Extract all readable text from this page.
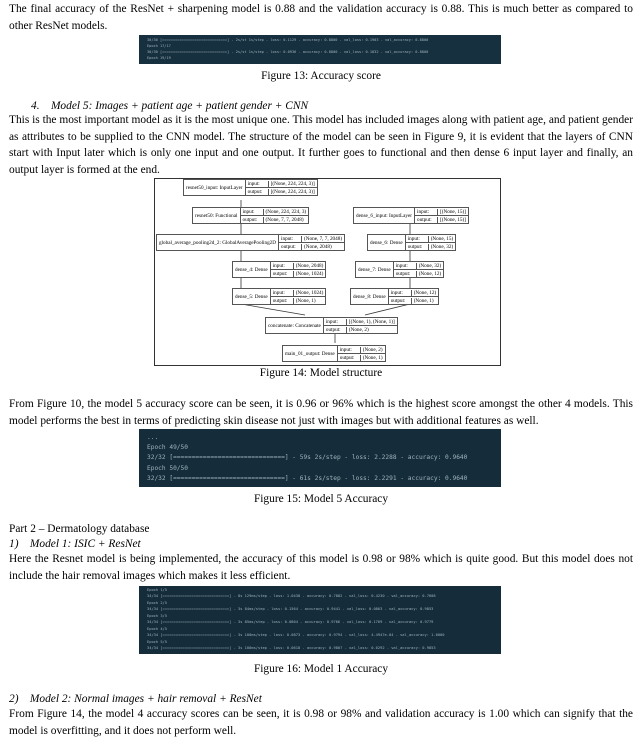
The final accuracy of the ResNet + sharpening model is 0.88 and the validation accuracy is 0.88. This is much better as compared to other ResNet models.

30/30 [==============================] - 2s/st 1s/step - loss: 0.1129 - accuracy: 0.8800 - val_loss: 0.1903 - val_accuracy: 0.8800
Epoch 17/17
30/30 [==============================] - 2s/st 1s/step - loss: 0.0936 - accuracy: 0.8800 - val_loss: 0.1832 - val_accuracy: 0.8800
Epoch 19/19

Figure 13: Accuracy score

4. Model 5: Images + patient age + patient gender + CNN

This is the most important model as it is the most unique one. This model has included images along with patient age, and patient gender as attributes to be supplied to the CNN model. The structure of the model can be seen in Figure 9, it is evident that the layers of CNN start with Input later which is only one input and one output. It further goes to functional and then dense 6 input layer and finally, an output layer is formed at the end.

resnet50_input: InputLayer
input:	[(None, 224, 224, 3)]
output:	[(None, 224, 224, 3)]
resnet50: Functional
input:	(None, 224, 224, 3)
output:	(None, 7, 7, 2048)
dense_6_input: InputLayer
input:	[(None, 15)]
output:	[(None, 15)]
global_average_pooling2d_2: GlobalAveragePooling2D
input:	(None, 7, 7, 2048)
output:	(None, 2048)
dense_6: Dense
input:	(None, 15)
output:	(None, 32)
dense_4: Dense
input:	(None, 2048)
output:	(None, 1024)
dense_7: Dense
input:	(None, 32)
output:	(None, 12)
dense_5: Dense
input:	(None, 1024)
output:	(None, 1)
dense_8: Dense
input:	(None, 12)
output:	(None, 1)
concatenate: Concatenate
input:	[(None, 1), (None, 1)]
output:	(None, 2)
main_01_output: Dense
input:	(None, 2)
output:	(None, 1)

Figure 14: Model structure

From Figure 10, the model 5 accuracy score can be seen, it is 0.96 or 96% which is the highest score amongst the other 4 models. This model performs the best in terms of predicting skin disease not just with images but with additional features as well.

...
Epoch 49/50
32/32 [==============================] - 59s 2s/step - loss: 2.2288 - accuracy: 0.9640
Epoch 50/50
32/32 [==============================] - 61s 2s/step - loss: 2.2291 - accuracy: 0.9640

Figure 15: Model 5 Accuracy

Part 2 – Dermatology database

1) Model 1: ISIC + ResNet

Here the Resnet model is being implemented, the accuracy of this model is 0.98 or 98% which is quite good. But this model does not include the hair removal images which makes it less efficient.

Epoch 1/5
34/34 [==============================] - 8s 129ms/step - loss: 1.0438 - accuracy: 0.7882 - val_loss: 0.4230 - val_accuracy: 0.7608
Epoch 2/5
34/34 [==============================] - 3s 84ms/step - loss: 0.1564 - accuracy: 0.9441 - val_loss: 0.0863 - val_accuracy: 0.9853
Epoch 3/5
34/34 [==============================] - 3s 85ms/step - loss: 0.0804 - accuracy: 0.9766 - val_loss: 0.1769 - val_accuracy: 0.9779
Epoch 4/5
34/34 [==============================] - 3s 100ms/step - loss: 0.0873 - accuracy: 0.9794 - val_loss: 4.4947e-04 - val_accuracy: 1.0000
Epoch 5/5
34/34 [==============================] - 3s 100ms/step - loss: 0.0618 - accuracy: 0.9807 - val_loss: 0.0292 - val_accuracy: 0.9853

Figure 16: Model 1 Accuracy

2) Model 2: Normal images + hair removal + ResNet

From Figure 14, the model 4 accuracy scores can be seen, it is 0.98 or 98% and validation accuracy is 1.00 which can signify that the model is overfitting, and it does not perform well.
